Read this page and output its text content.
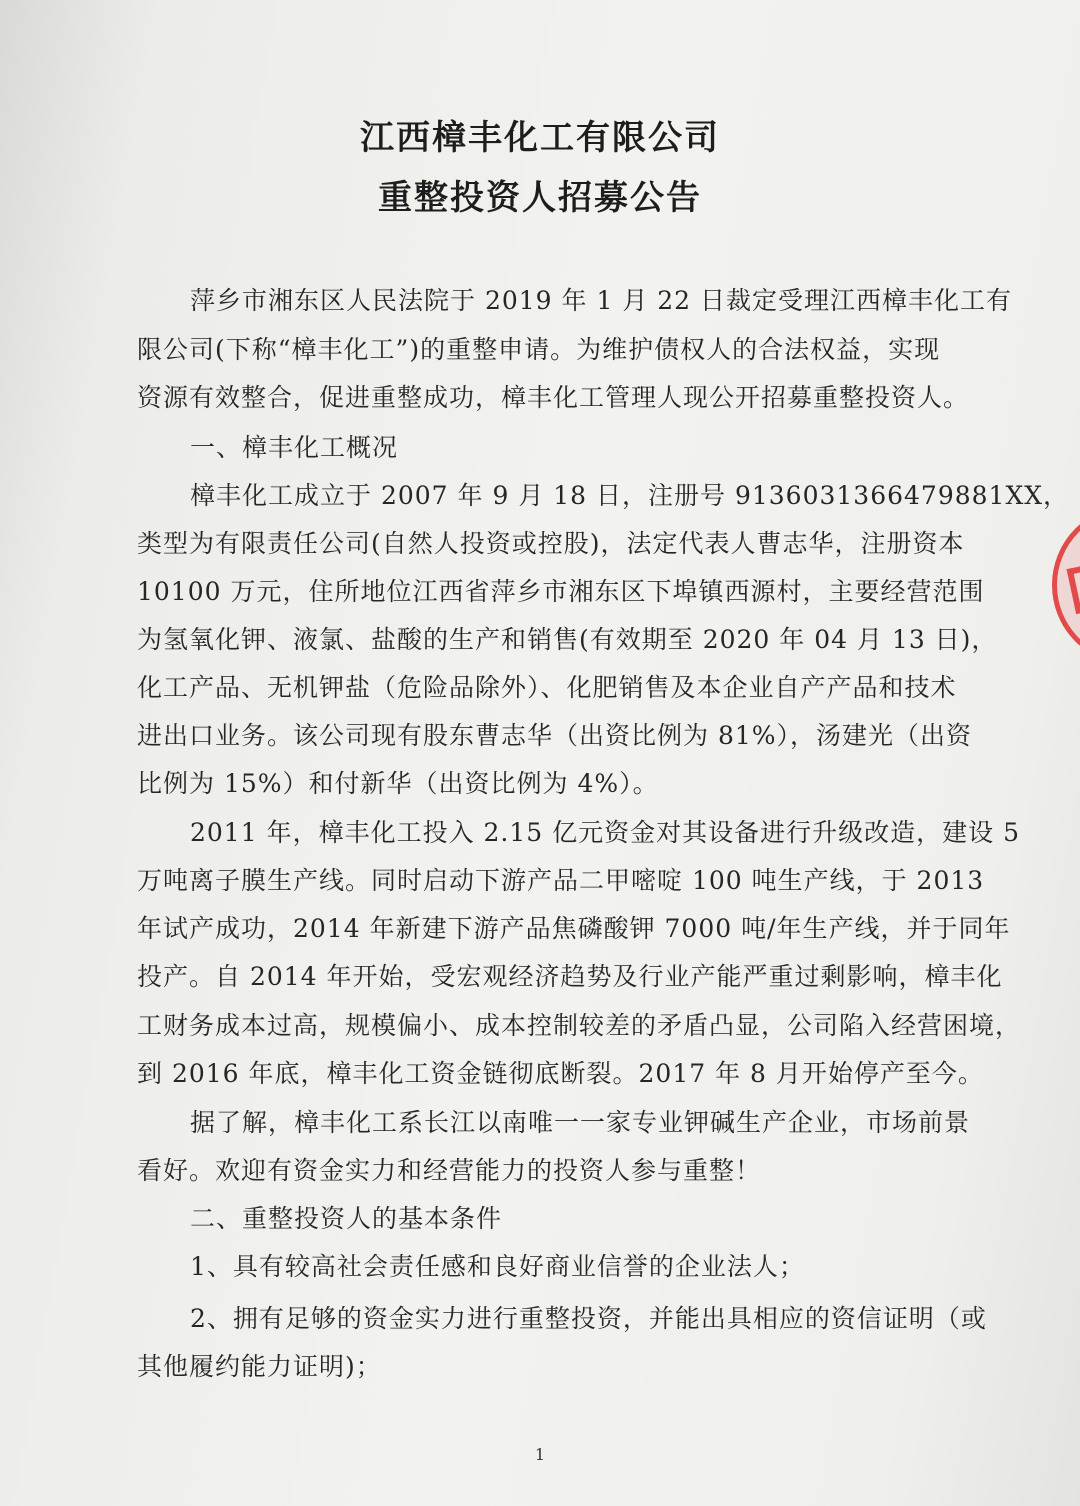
江西樟丰化工有限公司
重整投资人招募公告
萍乡市湘东区人民法院于 2019 年 1 月 22 日裁定受理江西樟丰化工有
限公司(下称“樟丰化工”)的重整申请。为维护债权人的合法权益，实现
资源有效整合，促进重整成功，樟丰化工管理人现公开招募重整投资人。
一、樟丰化工概况
樟丰化工成立于 2007 年 9 月 18 日，注册号 9136031366479881XX，
类型为有限责任公司(自然人投资或控股)，法定代表人曹志华，注册资本
10100 万元，住所地位江西省萍乡市湘东区下埠镇西源村，主要经营范围
为氢氧化钾、液氯、盐酸的生产和销售(有效期至 2020 年 04 月 13 日)，
化工产品、无机钾盐（危险品除外）、化肥销售及本企业自产产品和技术
进出口业务。该公司现有股东曹志华（出资比例为 81%），汤建光（出资
比例为 15%）和付新华（出资比例为 4%）。
2011 年，樟丰化工投入 2.15 亿元资金对其设备进行升级改造，建设 5
万吨离子膜生产线。同时启动下游产品二甲嘧啶 100 吨生产线，于 2013
年试产成功，2014 年新建下游产品焦磷酸钾 7000 吨/年生产线，并于同年
投产。自 2014 年开始，受宏观经济趋势及行业产能严重过剩影响，樟丰化
工财务成本过高，规模偏小、成本控制较差的矛盾凸显，公司陷入经营困境，
到 2016 年底，樟丰化工资金链彻底断裂。2017 年 8 月开始停产至今。
据了解，樟丰化工系长江以南唯一一家专业钾碱生产企业，市场前景
看好。欢迎有资金实力和经营能力的投资人参与重整！
二、重整投资人的基本条件
1、具有较高社会责任感和良好商业信誉的企业法人；
2、拥有足够的资金实力进行重整投资，并能出具相应的资信证明（或
其他履约能力证明)；
1
